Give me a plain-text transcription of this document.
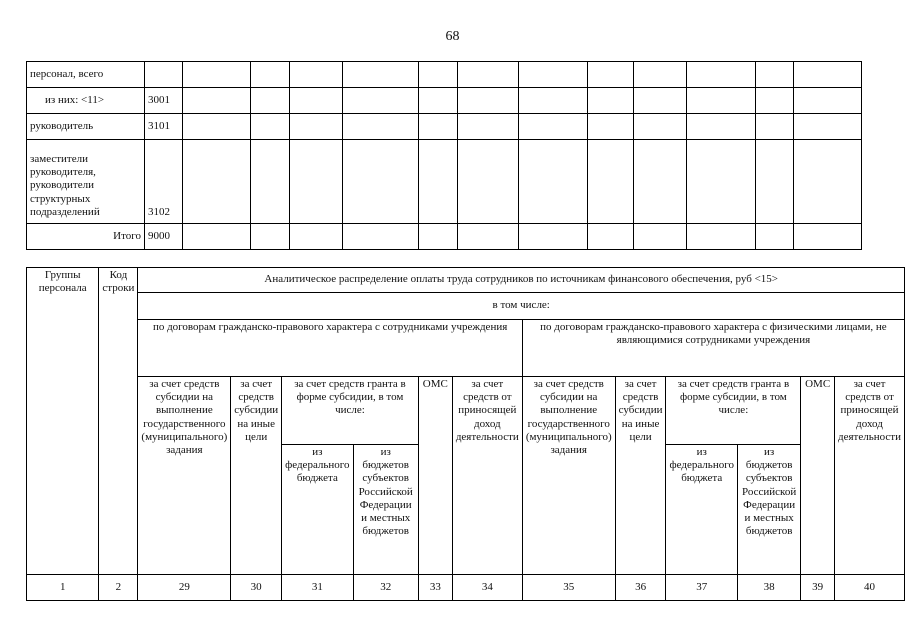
68
персонал, всего													
из них: <11>	3001												
руководитель	3101												
заместители руководителя, руководители структурных подразделений	3102												
Итого	9000												
Группы персонала	Код строки	Аналитическое распределение оплаты труда сотрудников по источникам финансового обеспечения, руб <15>											
		в том числе:											
		по договорам гражданско-правового характера с сотрудниками учреждения						по договорам гражданско-правового характера с физическими лицами, не являющимися сотрудниками учреждения					
		за счет средств субсидии на выполнение государственного (муниципального) задания	за счет средств субсидии на иные цели	за счет средств гранта в форме субсидии, в том числе:		ОМС	за счет средств от приносящей доход деятельности	за счет средств субсидии на выполнение государственного (муниципального) задания	за счет средств субсидии на иные цели	за счет средств гранта в форме субсидии, в том числе:		ОМС	за счет средств от приносящей доход деятельности
				из федерального бюджета	из бюджетов субъектов Российской Федерации и местных бюджетов					из федерального бюджета	из бюджетов субъектов Российской Федерации и местных бюджетов		
1	2	29	30	31	32	33	34	35	36	37	38	39	40
